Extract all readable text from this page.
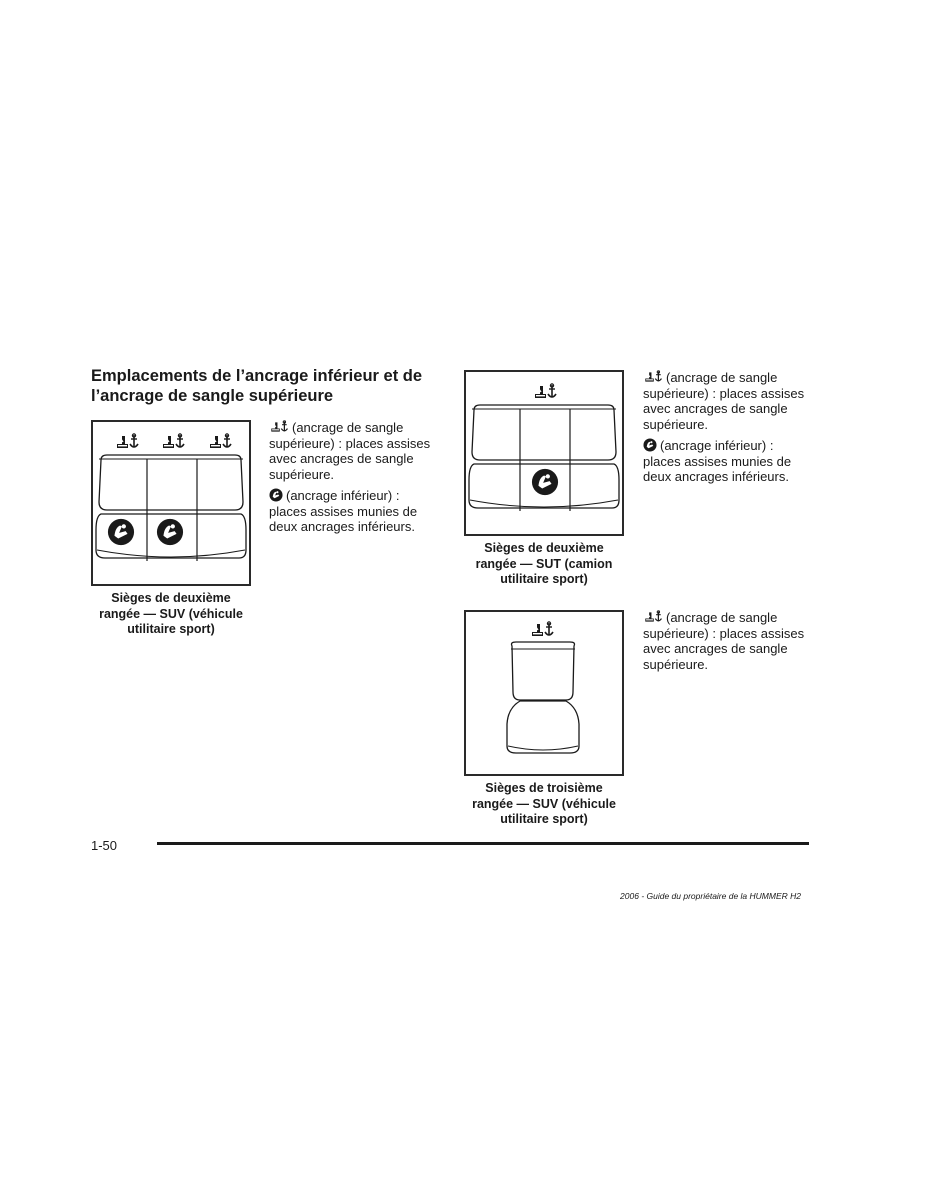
Emplacements de l’ancrage inférieur et de l’ancrage de sangle supérieure
Sièges de deuxième
rangée — SUV (véhicule
utilitaire sport)

(ancrage de sangle supérieure) : places assises avec ancrages de sangle supérieure.

(ancrage inférieur) : places assises munies de deux ancrages inférieurs.

Sièges de deuxième
rangée — SUT (camion
utilitaire sport)

(ancrage de sangle supérieure) : places assises avec ancrages de sangle supérieure.

(ancrage inférieur) : places assises munies de deux ancrages inférieurs.

Sièges de troisième
rangée — SUV (véhicule
utilitaire sport)

(ancrage de sangle supérieure) : places assises avec ancrages de sangle supérieure.

1-50
2006 - Guide du propriétaire de la HUMMER H2
